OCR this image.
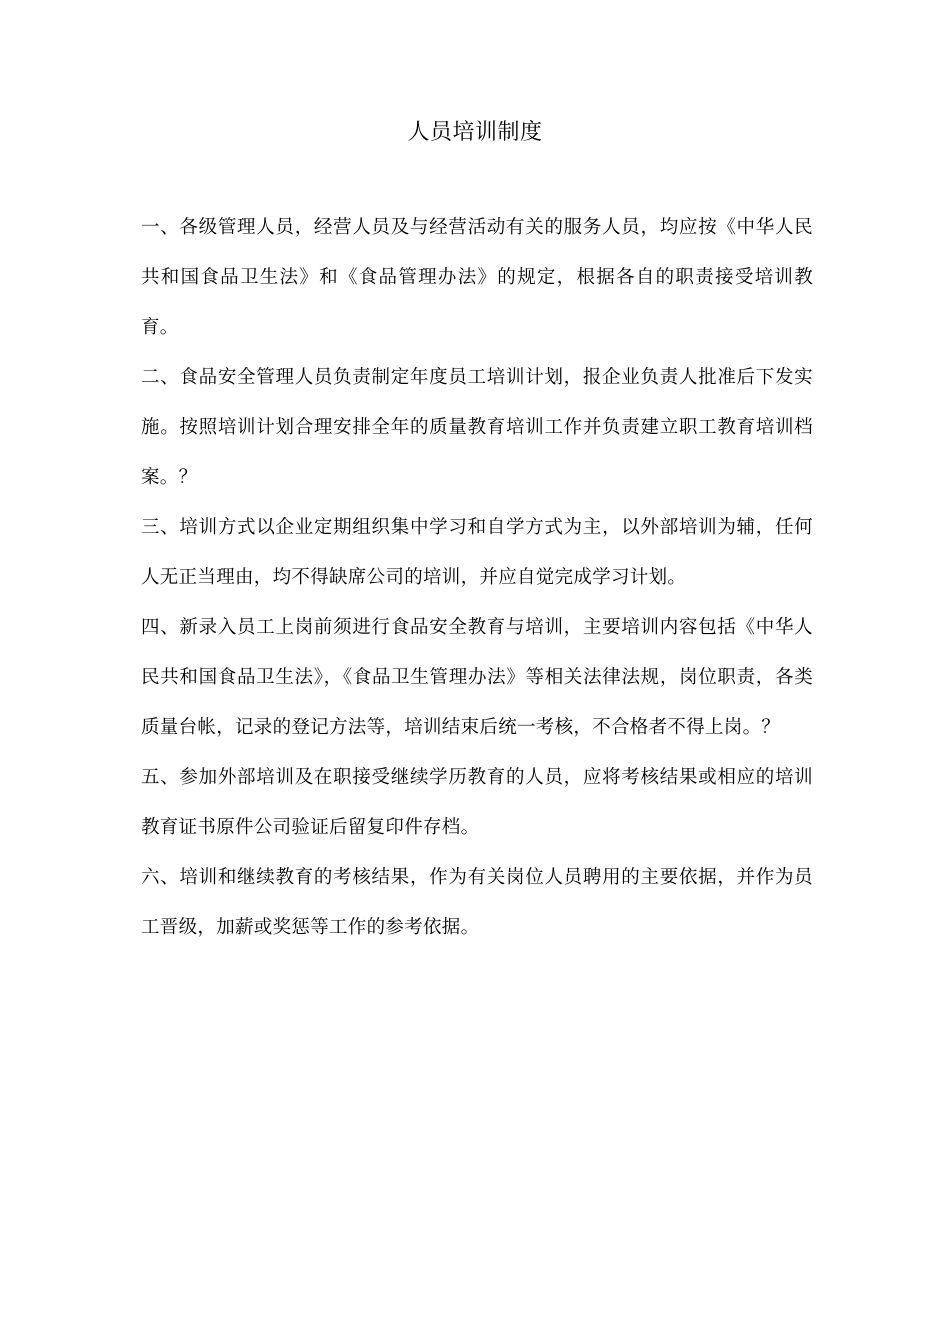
人员培训制度

一、各级管理人员，经营人员及与经营活动有关的服务人员，均应按《中华人民共和国食品卫生法》和《食品管理办法》的规定，根据各自的职责接受培训教育。

二、食品安全管理人员负责制定年度员工培训计划，报企业负责人批准后下发实施。按照培训计划合理安排全年的质量教育培训工作并负责建立职工教育培训档案。？

三、培训方式以企业定期组织集中学习和自学方式为主，以外部培训为辅，任何人无正当理由，均不得缺席公司的培训，并应自觉完成学习计划。

四、新录入员工上岗前须进行食品安全教育与培训，主要培训内容包括《中华人民共和国食品卫生法》，《食品卫生管理办法》等相关法律法规，岗位职责，各类质量台帐，记录的登记方法等，培训结束后统一考核，不合格者不得上岗。？

五、参加外部培训及在职接受继续学历教育的人员，应将考核结果或相应的培训教育证书原件公司验证后留复印件存档。

六、培训和继续教育的考核结果，作为有关岗位人员聘用的主要依据，并作为员工晋级，加薪或奖惩等工作的参考依据。
